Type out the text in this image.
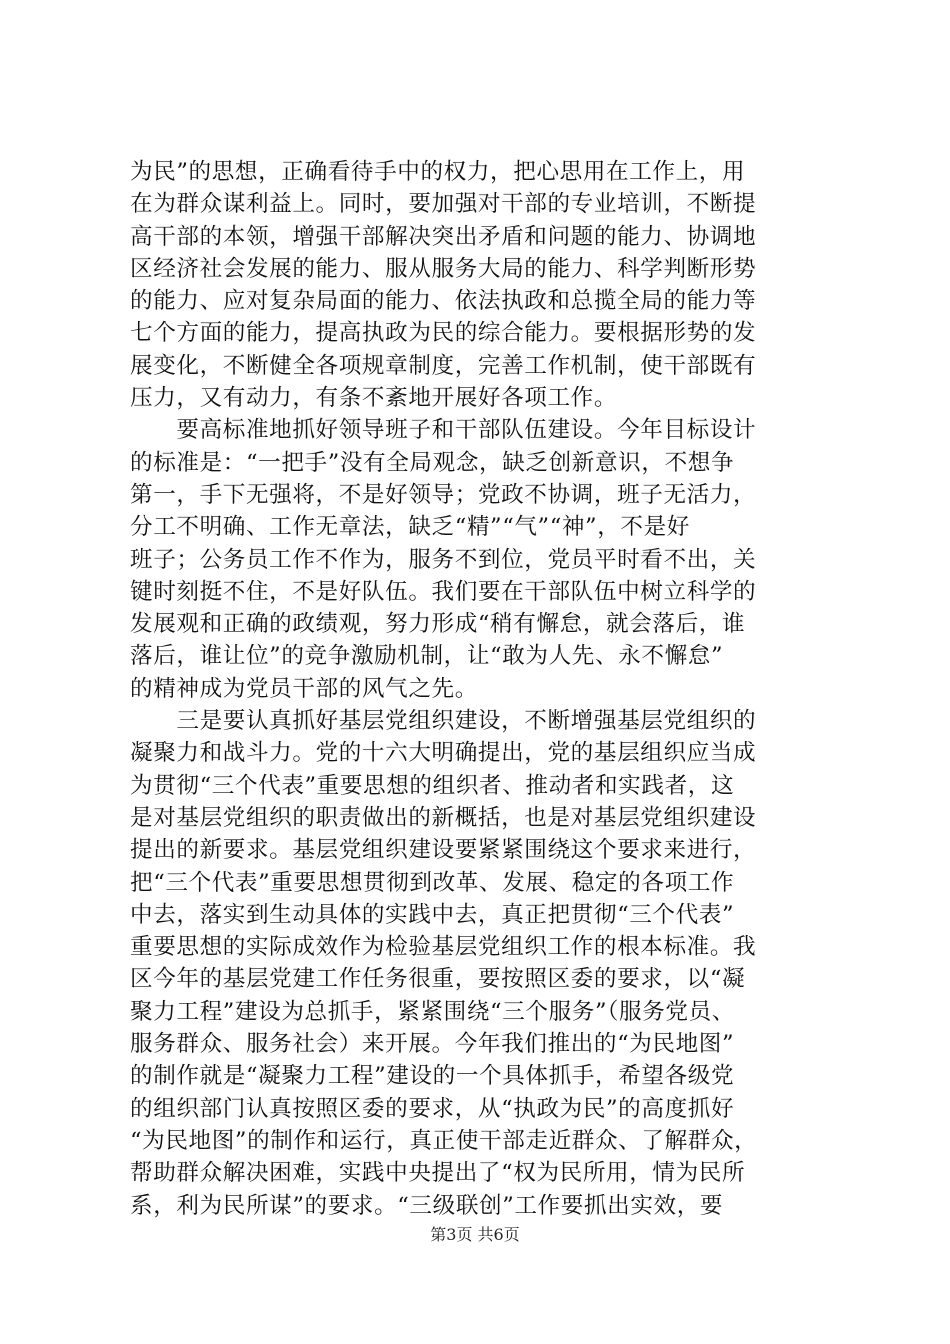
为民”的思想，正确看待手中的权力，把心思用在工作上，用
在为群众谋利益上。同时，要加强对干部的专业培训，不断提
高干部的本领，增强干部解决突出矛盾和问题的能力、协调地
区经济社会发展的能力、服从服务大局的能力、科学判断形势
的能力、应对复杂局面的能力、依法执政和总揽全局的能力等
七个方面的能力，提高执政为民的综合能力。要根据形势的发
展变化，不断健全各项规章制度，完善工作机制，使干部既有
压力，又有动力，有条不紊地开展好各项工作。
　　要高标准地抓好领导班子和干部队伍建设。今年目标设计
的标准是：“一把手”没有全局观念，缺乏创新意识，不想争
第一，手下无强将，不是好领导；党政不协调，班子无活力，
分工不明确、工作无章法，缺乏“精”“气”“神”，不是好
班子；公务员工作不作为，服务不到位，党员平时看不出，关
键时刻挺不住，不是好队伍。我们要在干部队伍中树立科学的
发展观和正确的政绩观，努力形成“稍有懈怠，就会落后，谁
落后，谁让位”的竞争激励机制，让“敢为人先、永不懈怠”
的精神成为党员干部的风气之先。
　　三是要认真抓好基层党组织建设，不断增强基层党组织的
凝聚力和战斗力。党的十六大明确提出，党的基层组织应当成
为贯彻“三个代表”重要思想的组织者、推动者和实践者，这
是对基层党组织的职责做出的新概括，也是对基层党组织建设
提出的新要求。基层党组织建设要紧紧围绕这个要求来进行，
把“三个代表”重要思想贯彻到改革、发展、稳定的各项工作
中去，落实到生动具体的实践中去，真正把贯彻“三个代表”
重要思想的实际成效作为检验基层党组织工作的根本标准。我
区今年的基层党建工作任务很重，要按照区委的要求，以“凝
聚力工程”建设为总抓手，紧紧围绕“三个服务”（服务党员、
服务群众、服务社会）来开展。今年我们推出的“为民地图”
的制作就是“凝聚力工程”建设的一个具体抓手，希望各级党
的组织部门认真按照区委的要求，从“执政为民”的高度抓好
“为民地图”的制作和运行，真正使干部走近群众、了解群众，
帮助群众解决困难，实践中央提出了“权为民所用，情为民所
系，利为民所谋”的要求。“三级联创”工作要抓出实效，要
第3页 共6页
